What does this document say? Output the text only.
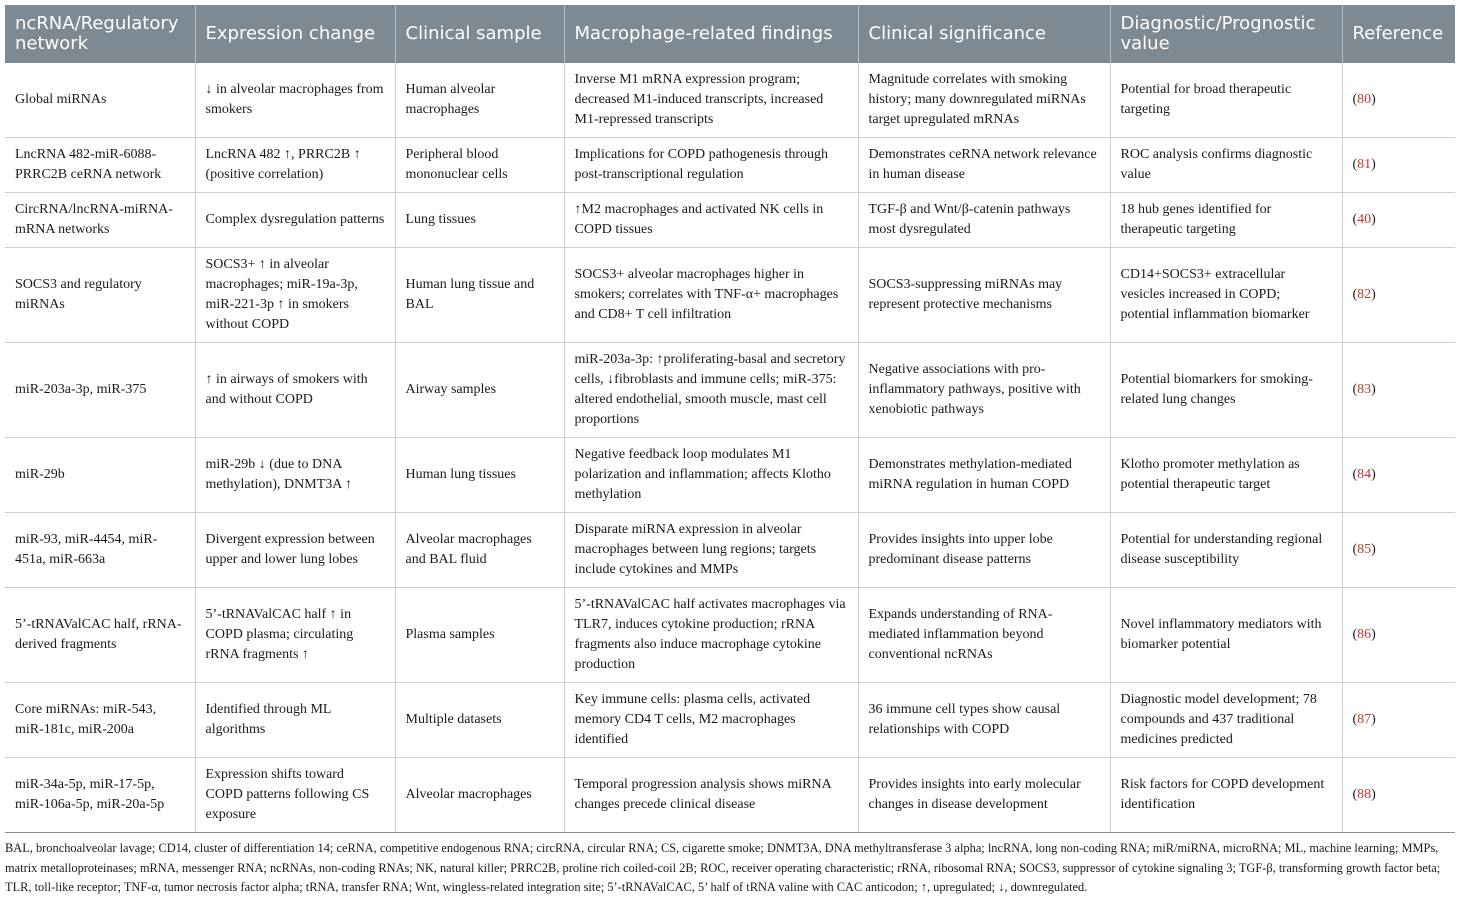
ncRNA/Regulatory network	Expression change	Clinical sample	Macrophage-related findings	Clinical significance	Diagnostic/Prognostic value	Reference
Global miRNAs	↓ in alveolar macrophages from smokers	Human alveolar macrophages	Inverse M1 mRNA expression program; decreased M1-induced transcripts, increased M1-repressed transcripts	Magnitude correlates with smoking history; many downregulated miRNAs target upregulated mRNAs	Potential for broad therapeutic targeting	(80)
LncRNA 482-miR-6088-PRRC2B ceRNA network	LncRNA 482 ↑, PRRC2B ↑ (positive correlation)	Peripheral blood mononuclear cells	Implications for COPD pathogenesis through post-transcriptional regulation	Demonstrates ceRNA network relevance in human disease	ROC analysis confirms diagnostic value	(81)
CircRNA/lncRNA-miRNA-mRNA networks	Complex dysregulation patterns	Lung tissues	↑M2 macrophages and activated NK cells in COPD tissues	TGF-β and Wnt/β-catenin pathways most dysregulated	18 hub genes identified for therapeutic targeting	(40)
SOCS3 and regulatory miRNAs	SOCS3+ ↑ in alveolar macrophages; miR-19a-3p, miR-221-3p ↑ in smokers without COPD	Human lung tissue and BAL	SOCS3+ alveolar macrophages higher in smokers; correlates with TNF-α+ macrophages and CD8+ T cell infiltration	SOCS3-suppressing miRNAs may represent protective mechanisms	CD14+SOCS3+ extracellular vesicles increased in COPD; potential inflammation biomarker	(82)
miR-203a-3p, miR-375	↑ in airways of smokers with and without COPD	Airway samples	miR-203a-3p: ↑proliferating-basal and secretory cells, ↓fibroblasts and immune cells; miR-375: altered endothelial, smooth muscle, mast cell proportions	Negative associations with pro-inflammatory pathways, positive with xenobiotic pathways	Potential biomarkers for smoking-related lung changes	(83)
miR-29b	miR-29b ↓ (due to DNA methylation), DNMT3A ↑	Human lung tissues	Negative feedback loop modulates M1 polarization and inflammation; affects Klotho methylation	Demonstrates methylation-mediated miRNA regulation in human COPD	Klotho promoter methylation as potential therapeutic target	(84)
miR-93, miR-4454, miR-451a, miR-663a	Divergent expression between upper and lower lung lobes	Alveolar macrophages and BAL fluid	Disparate miRNA expression in alveolar macrophages between lung regions; targets include cytokines and MMPs	Provides insights into upper lobe predominant disease patterns	Potential for understanding regional disease susceptibility	(85)
5’-tRNAValCAC half, rRNA-derived fragments	5’-tRNAValCAC half ↑ in COPD plasma; circulating rRNA fragments ↑	Plasma samples	5’-tRNAValCAC half activates macrophages via TLR7, induces cytokine production; rRNA fragments also induce macrophage cytokine production	Expands understanding of RNA-mediated inflammation beyond conventional ncRNAs	Novel inflammatory mediators with biomarker potential	(86)
Core miRNAs: miR-543, miR-181c, miR-200a	Identified through ML algorithms	Multiple datasets	Key immune cells: plasma cells, activated memory CD4 T cells, M2 macrophages identified	36 immune cell types show causal relationships with COPD	Diagnostic model development; 78 compounds and 437 traditional medicines predicted	(87)
miR-34a-5p, miR-17-5p, miR-106a-5p, miR-20a-5p	Expression shifts toward COPD patterns following CS exposure	Alveolar macrophages	Temporal progression analysis shows miRNA changes precede clinical disease	Provides insights into early molecular changes in disease development	Risk factors for COPD development identification	(88)
BAL, bronchoalveolar lavage; CD14, cluster of differentiation 14; ceRNA, competitive endogenous RNA; circRNA, circular RNA; CS, cigarette smoke; DNMT3A, DNA methyltransferase 3 alpha; lncRNA, long non-coding RNA; miR/miRNA, microRNA; ML, machine learning; MMPs, matrix metalloproteinases; mRNA, messenger RNA; ncRNAs, non-coding RNAs; NK, natural killer; PRRC2B, proline rich coiled-coil 2B; ROC, receiver operating characteristic; rRNA, ribosomal RNA; SOCS3, suppressor of cytokine signaling 3; TGF-β, transforming growth factor beta; TLR, toll-like receptor; TNF-α, tumor necrosis factor alpha; tRNA, transfer RNA; Wnt, wingless-related integration site; 5’-tRNAValCAC, 5’ half of tRNA valine with CAC anticodon; ↑, upregulated; ↓, downregulated.
